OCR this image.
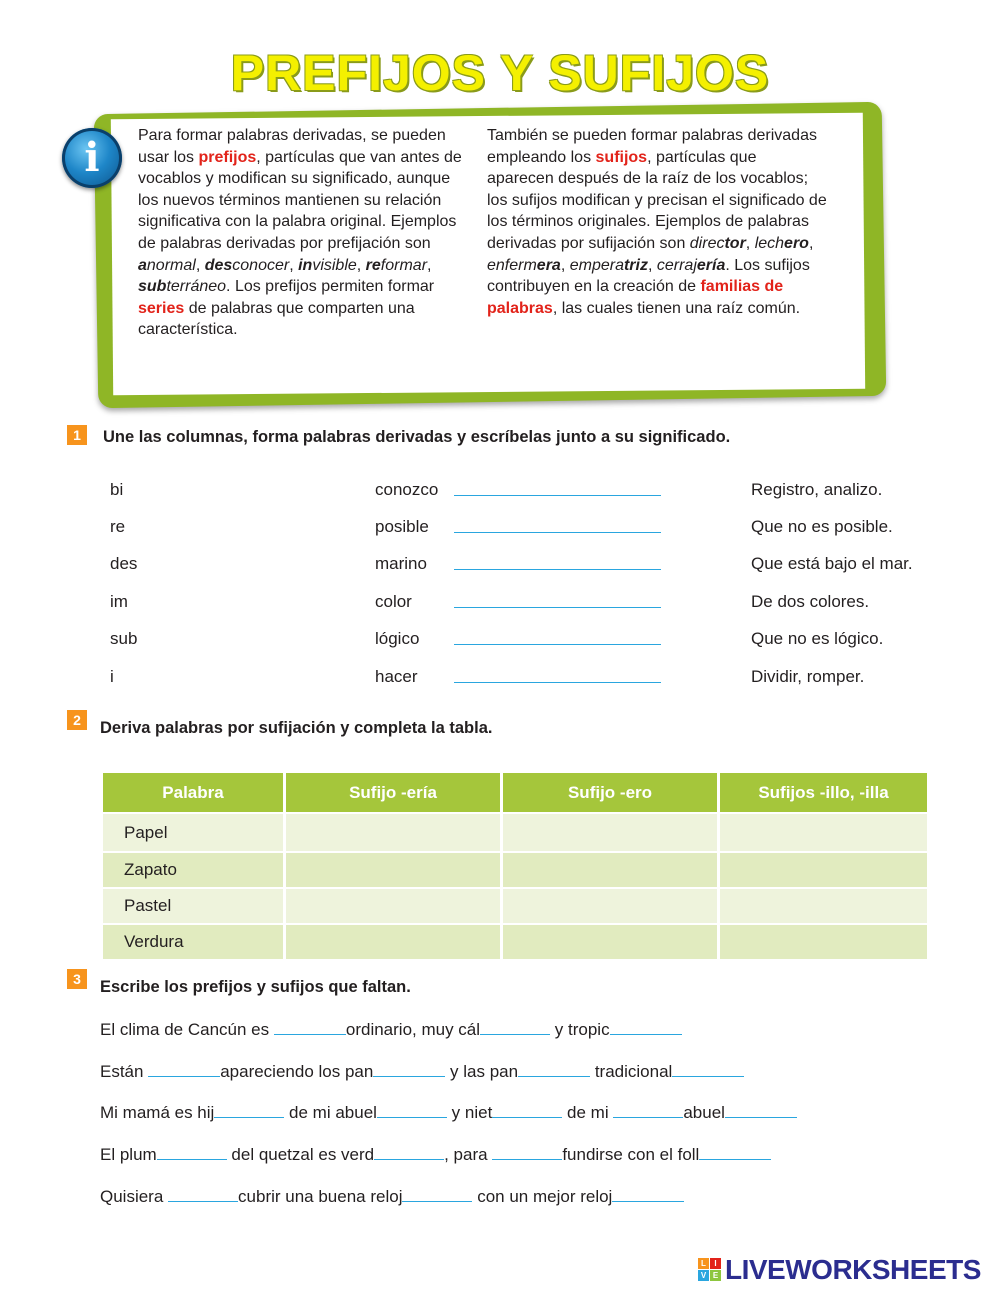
PREFIJOS Y SUFIJOS
i	Para formar palabras derivadas, se pueden usar los prefijos, partículas que van antes de vocablos y modifican su significado, aunque los nuevos términos mantienen su relación significativa con la palabra original. Ejemplos de palabras derivadas por prefijación son anormal, desconocer, invisible, reformar, subterráneo. Los prefijos permiten formar series de palabras que comparten una característica.
También se pueden formar palabras derivadas empleando los sufijos, partículas que aparecen después de la raíz de los vocablos; los sufijos modifican y precisan el significado de los términos originales. Ejemplos de palabras derivadas por sufijación son director, lechero, enfermera, emperatriz, cerrajería. Los sufijos contribuyen en la creación de familias de palabras, las cuales tienen una raíz común.
1	Une las columnas, forma palabras derivadas y escríbelas junto a su significado.
bi	conozco	Registro, analizo.
re	posible	Que no es posible.
des	marino	Que está bajo el mar.
im	color	De dos colores.
sub	lógico	Que no es lógico.
i	hacer	Dividir, romper.
2	Deriva palabras por sufijación y completa la tabla.
Palabra	Sufijo -ería	Sufijo -ero	Sufijos -illo, -illa
Papel			
Zapato			
Pastel			
Verdura			
3	Escribe los prefijos y sufijos que faltan.
El clima de Cancún es	ordinario, muy cál	y tropic
Están	apareciendo los pan	y las pan	tradicional
Mi mamá es hij	de mi abuel	y niet	de mi	abuel
El plum	del quetzal es verd	, para	fundirse con el foll
Quisiera	cubrir una buena reloj	con un mejor reloj
L	I
V E LIVEWORKSHEETS
